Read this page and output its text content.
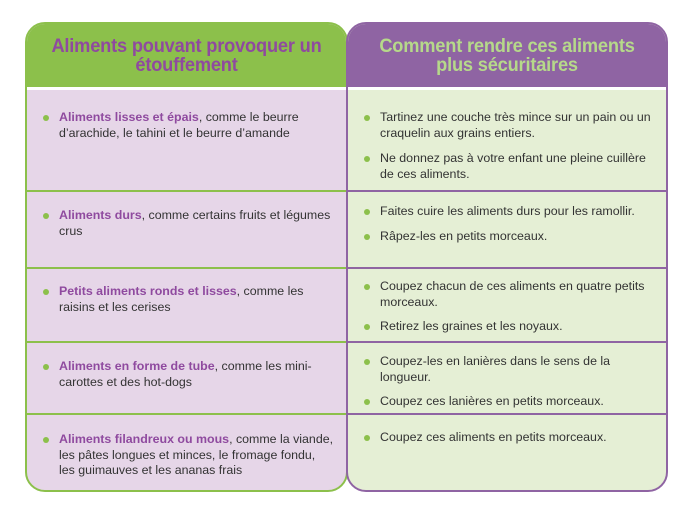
Aliments pouvant provoquer un étouffement

Aliments lisses et épais, comme le beurre d’arachide, le tahini et le beurre d’amande

Aliments durs, comme certains fruits et légumes crus

Petits aliments ronds et lisses, comme les raisins et les cerises

Aliments en forme de tube, comme les mini-carottes et des hot-dogs

Aliments filandreux ou mous, comme la viande, les pâtes longues et minces, le fromage fondu, les guimauves et les ananas frais

Comment rendre ces aliments plus sécuritaires

Tartinez une couche très mince sur un pain ou un craquelin aux grains entiers.

Ne donnez pas à votre enfant une pleine cuillère de ces aliments.

Faites cuire les aliments durs pour les ramollir.

Râpez-les en petits morceaux.

Coupez chacun de ces aliments en quatre petits morceaux.

Retirez les graines et les noyaux.

Coupez-les en lanières dans le sens de la longueur.

Coupez ces lanières en petits morceaux.

Coupez ces aliments en petits morceaux.
